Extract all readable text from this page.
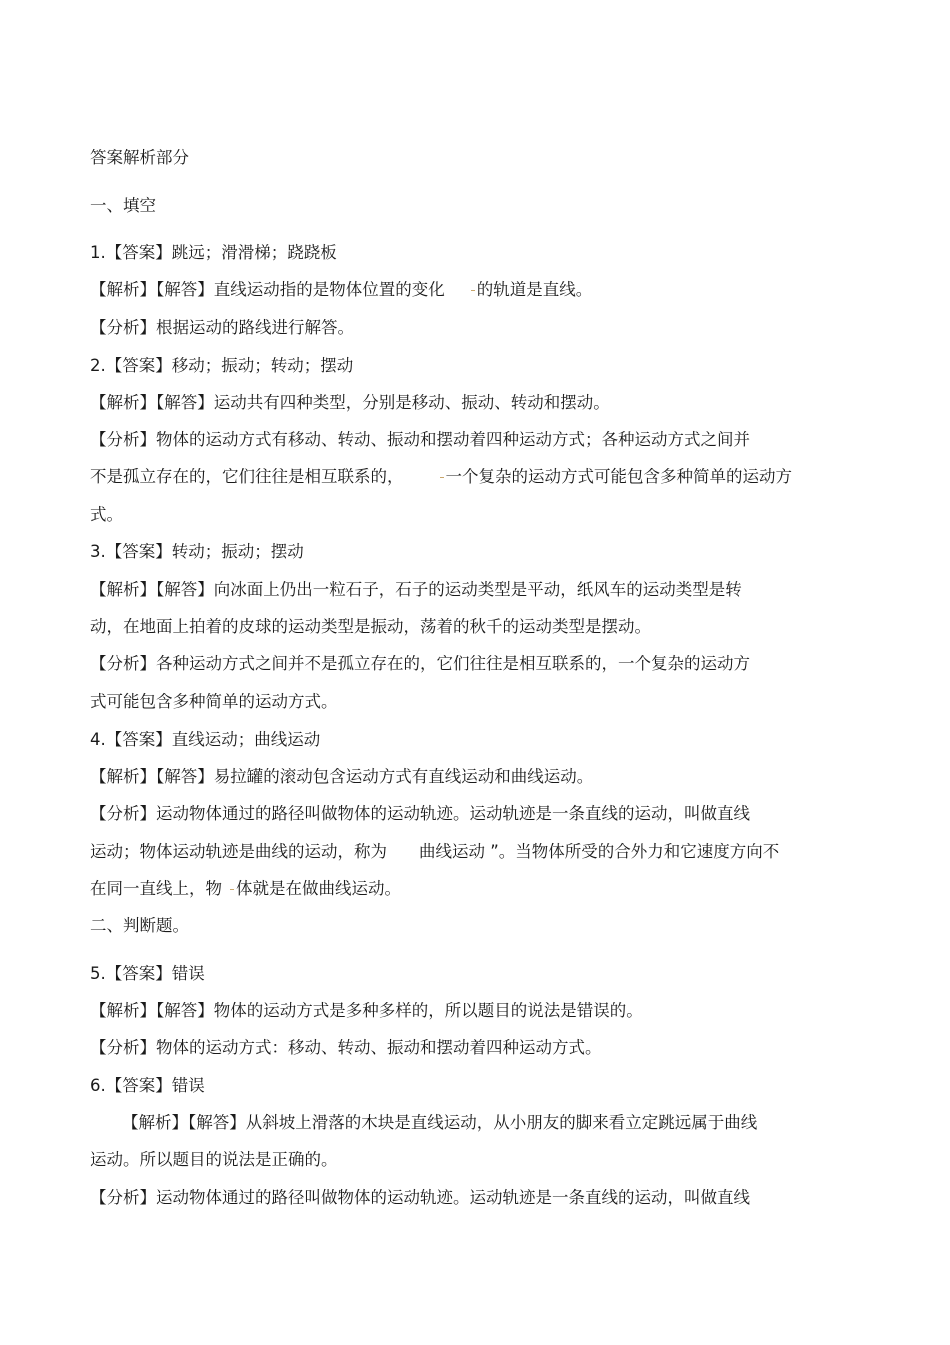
答案解析部分
一、填空
1.【答案】跳远；滑滑梯；跷跷板
【解析】【解答】直线运动指的是物体位置的变化 的轨道是直线。
【分析】根据运动的路线进行解答。
2.【答案】移动；振动；转动；摆动
【解析】【解答】运动共有四种类型，分别是移动、振动、转动和摆动。
【分析】物体的运动方式有移动、转动、振动和摆动着四种运动方式；各种运动方式之间并
不是孤立存在的，它们往往是相互联系的，	一个复杂的运动方式可能包含多种简单的运动方
式。
3.【答案】转动；振动；摆动
【解析】【解答】向冰面上仍出一粒石子，石子的运动类型是平动，纸风车的运动类型是转
动，在地面上拍着的皮球的运动类型是振动，荡着的秋千的运动类型是摆动。
【分析】各种运动方式之间并不是孤立存在的，它们往往是相互联系的，一个复杂的运动方
式可能包含多种简单的运动方式。
4.【答案】直线运动；曲线运动
【解析】【解答】易拉罐的滚动包含运动方式有直线运动和曲线运动。
【分析】运动物体通过的路径叫做物体的运动轨迹。运动轨迹是一条直线的运动，叫做直线
运动；物体运动轨迹是曲线的运动，称为 曲线运动 ”。当物体所受的合外力和它速度方向不
在同一直线上，物 体就是在做曲线运动。
二、判断题。
5.【答案】错误
【解析】【解答】物体的运动方式是多种多样的，所以题目的说法是错误的。
【分析】物体的运动方式：移动、转动、振动和摆动着四种运动方式。
6.【答案】错误
【解析】【解答】从斜坡上滑落的木块是直线运动，从小朋友的脚来看立定跳远属于曲线
运动。所以题目的说法是正确的。
【分析】运动物体通过的路径叫做物体的运动轨迹。运动轨迹是一条直线的运动，叫做直线
